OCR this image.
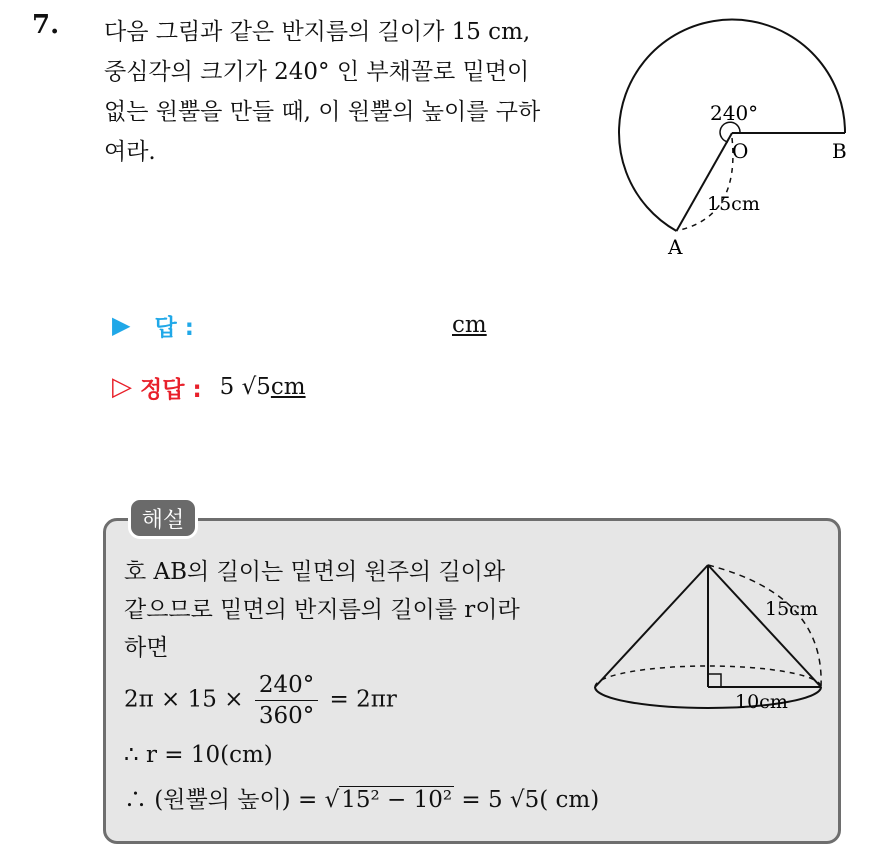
7. 다음 그림과 같은 반지름의 길이가 15 cm,
중심각의 크기가 240° 인 부채꼴로 밑면이
없는 원뿔을 만들 때, 이 원뿔의 높이를 구하
여라.
240°
O	B
A
15cm
▶ 답 :	cm
▷ 정답 : 5 √5cm
해설
호 AB의 길이는 밑면의 원주의 길이와
같으므로 밑면의 반지름의 길이를 r이라
하면
$2\pi \times 15 \times \frac{240^\circ}{360^\circ} = 2\pi r$
∴ r = 10(cm)
∴ (원뿔의 높이) = √15² − 10² = 5 √5( cm)
15cm
10cm
